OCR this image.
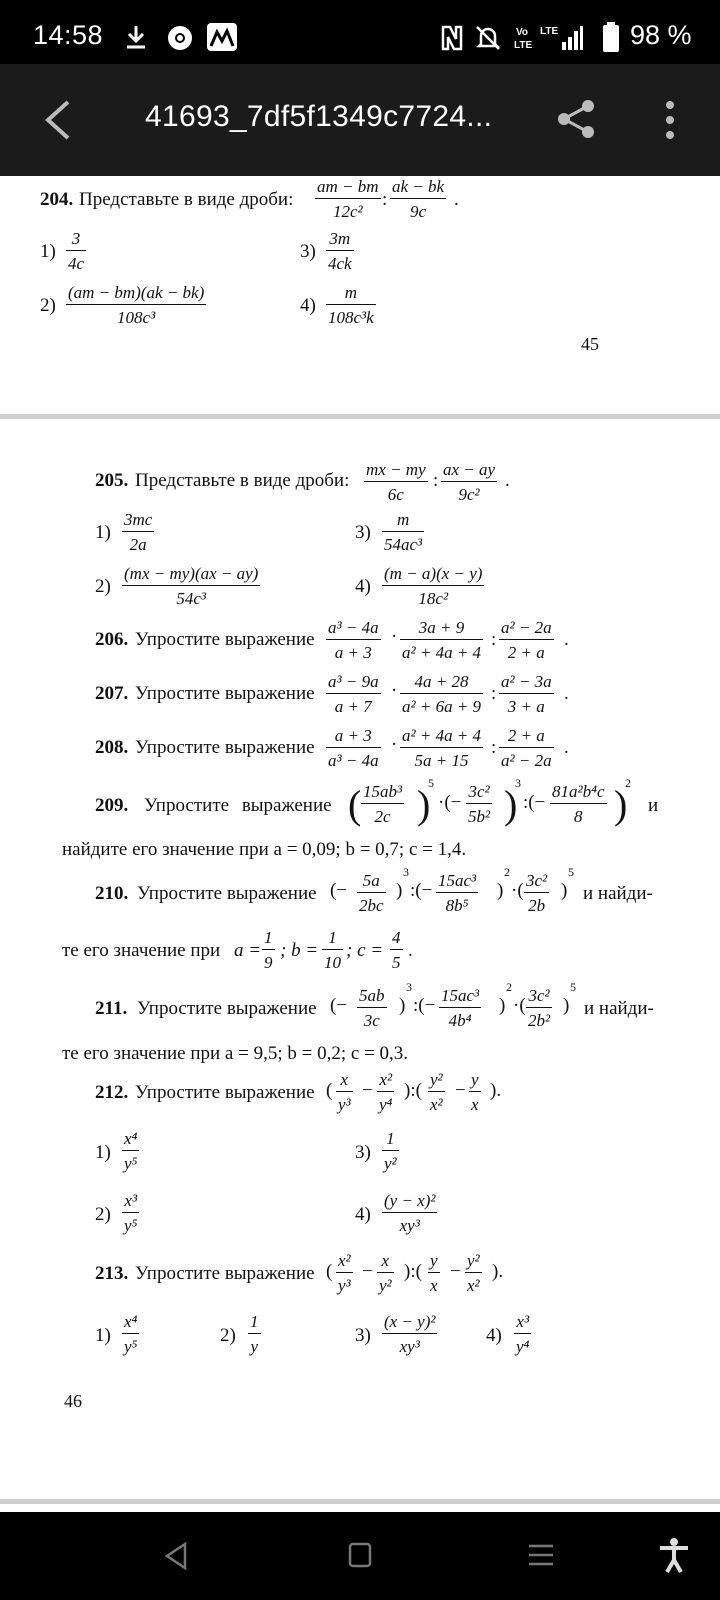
14:58	Vo
LTE
LTE	98 %
41693_7df5f1349c7724...
204. Представьте в виде дроби:
am − bm
12c²
:
ak − bk
9c
.
1)
3
4c
2)
(am − bm)(ak − bk)
108c³
3)
3m
4ck
4)
m
108c³k
45
205. Представьте в виде дроби:
mx − my
6c
:
ax − ay
9c²
.
1)
3mc
2a
2)
(mx − my)(ax − ay)
54c³
3)
m
54ac³
4)
(m − a)(x − y)
18c²
206. Упростите выражение
a³ − 4a
a + 3
·	3a + 9
a² + 4a + 4
:
a² − 2a
2 + a
.
207. Упростите выражение
a³ − 9a
a + 7
·	4a + 28
a² + 6a + 9
:
a² − 3a
3 + a
.
208. Упростите выражение
a + 3
a³ − 4a
· a² + 4a + 4
5a + 15
:
2 + a
a² − 2a
.
209. Упростите выражение ( 15ab³
2c )
5
·(−
3c²
5b² )
3
:(−
81a²b⁴c
8 )
2
и
найдите его значение при a = 0,09; b = 0,7; c = 1,4.
210. Упростите выражение (− 5a
2bc
)
3
:(− 15ac³
8b⁵
)
2
·( 3c²
2b
)
5
и найди-
те его значение при a =
1
9
; b =
1
10
; c =
4
5
.
211. Упростите выражение (− 5ab
3c
)
3
:(− 15ac³
4b⁴
)
2
·( 3c²
2b²
)
5
и найди-
те его значение при a = 9,5; b = 0,2; c = 0,3.
212. Упростите выражение (
x
y³
−
x²
y⁴
):(
y²
x²
−
y
x
).
1)
x⁴
y⁵
2)
x³
y⁵
3)
1
y²
4)
(y − x)²
xy³
213. Упростите выражение (
x²
y³
−
x
y²
):(
y
x
−
y²
x²
).
1)
x⁴
y⁵
2)
1
y
3)
(x − y)²
xy³
4)
x³
y⁴
46
